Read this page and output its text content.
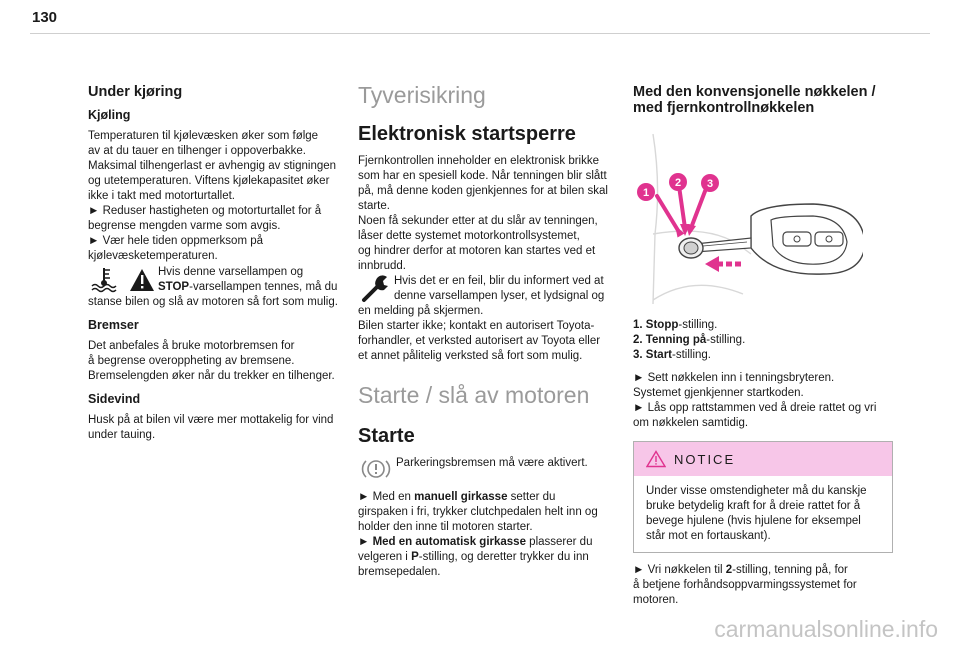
130
Under kjøring
Kjøling
Temperaturen til kjølevæsken øker som følge
av at du tauer en tilhenger i oppoverbakke.
Maksimal tilhengerlast er avhengig av stigningen
og utetemperaturen. Viftens kjølekapasitet øker
ikke i takt med motorturtallet.
► Reduser hastigheten og motorturtallet for å
begrense mengden varme som avgis.
► Vær hele tiden oppmerksom på
kjølevæsketemperaturen.
Hvis denne varsellampen og
STOP-varsellampen tennes, må du
stanse bilen og slå av motoren så fort som mulig.
Bremser
Det anbefales å bruke motorbremsen for
å begrense overoppheting av bremsene.
Bremselengden øker når du trekker en tilhenger.
Sidevind
Husk på at bilen vil være mer mottakelig for vind
under tauing.
Tyverisikring
Elektronisk startsperre
Fjernkontrollen inneholder en elektronisk brikke
som har en spesiell kode. Når tenningen blir slått
på, må denne koden gjenkjennes for at bilen skal
starte.
Noen få sekunder etter at du slår av tenningen,
låser dette systemet motorkontrollsystemet,
og hindrer derfor at motoren kan startes ved et
innbrudd.
Hvis det er en feil, blir du informert ved at
denne varsellampen lyser, et lydsignal og
en melding på skjermen.
Bilen starter ikke; kontakt en autorisert Toyota-
forhandler, et verksted autorisert av Toyota eller
et annet pålitelig verksted så fort som mulig.
Starte / slå av motoren
Starte
Parkeringsbremsen må være aktivert.
► Med en manuell girkasse setter du
girspaken i fri, trykker clutchpedalen helt inn og
holder den inne til motoren starter.
► Med en automatisk girkasse plasserer du
velgeren i P-stilling, og deretter trykker du inn
bremsepedalen.
Med den konvensjonelle nøkkelen /
med fjernkontrollnøkkelen
1
2 3
1. Stopp-stilling.
2. Tenning på-stilling.
3. Start-stilling.
► Sett nøkkelen inn i tenningsbryteren.
Systemet gjenkjenner startkoden.
► Lås opp rattstammen ved å dreie rattet og vri
om nøkkelen samtidig.
NOTICE
Under visse omstendigheter må du kanskje
bruke betydelig kraft for å dreie rattet for å
bevege hjulene (hvis hjulene for eksempel
står mot en fortauskant).
► Vri nøkkelen til 2-stilling, tenning på, for
å betjene forhåndsoppvarmingssystemet for
motoren.
carmanualsonline.info
